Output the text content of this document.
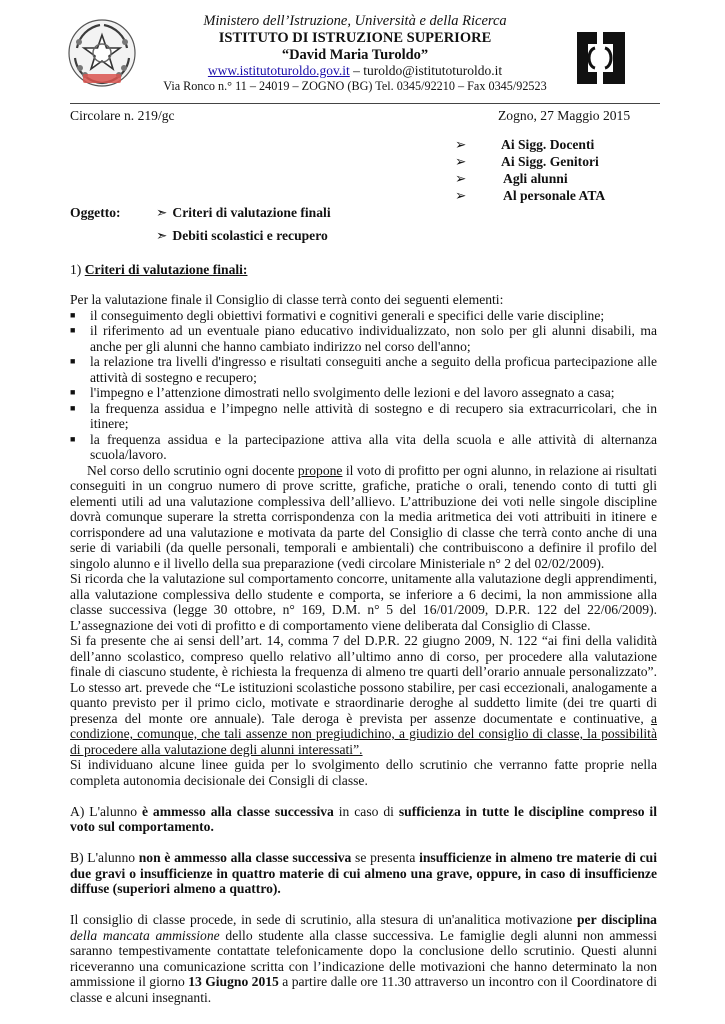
Ministero dell’Istruzione, Università e della Ricerca
ISTITUTO DI ISTRUZIONE SUPERIORE
“David Maria Turoldo”
www.istitutoturoldo.gov.it – turoldo@istitutoturoldo.it
Via Ronco n.° 11 – 24019 – ZOGNO (BG) Tel. 0345/92210 – Fax 0345/92523
Circolare n. 219/gc	Zogno, 27 Maggio 2015
➢	Ai Sigg. Docenti
➢	Ai Sigg. Genitori
➢	Agli alunni
➢	Al personale ATA
Oggetto:	➣ Criteri di valutazione finali
➣ Debiti scolastici e recupero
1) Criteri di valutazione finali:

Per la valutazione finale il Consiglio di classe terrà conto dei seguenti elementi:

■ il conseguimento degli obiettivi formativi e cognitivi generali e specifici delle varie discipline;

■ il riferimento ad un eventuale piano educativo individualizzato, non solo per gli alunni disabili, ma anche per gli alunni che hanno cambiato indirizzo nel corso dell'anno;

■ la relazione tra livelli d'ingresso e risultati conseguiti anche a seguito della proficua partecipazione alle attività di sostegno e recupero;

■ l'impegno e l’attenzione dimostrati nello svolgimento delle lezioni e del lavoro assegnato a casa;

■ la frequenza assidua e l’impegno nelle attività di sostegno e di recupero sia extracurricolari, che in itinere;

■ la frequenza assidua e la partecipazione attiva alla vita della scuola e alle attività di alternanza scuola/lavoro.

Nel corso dello scrutinio ogni docente propone il voto di profitto per ogni alunno, in relazione ai risultati conseguiti in un congruo numero di prove scritte, grafiche, pratiche o orali, tenendo conto di tutti gli elementi utili ad una valutazione complessiva dell’allievo. L’attribuzione dei voti nelle singole discipline dovrà comunque superare la stretta corrispondenza con la media aritmetica dei voti attribuiti in itinere e corrispondere ad una valutazione e motivata da parte del Consiglio di classe che terrà conto anche di una serie di variabili (da quelle personali, temporali e ambientali) che contribuiscono a definire il profilo del singolo alunno e il livello della sua preparazione (vedi circolare Ministeriale n° 2 del 02/02/2009).

Si ricorda che la valutazione sul comportamento concorre, unitamente alla valutazione degli apprendimenti, alla valutazione complessiva dello studente e comporta, se inferiore a 6 decimi, la non ammissione alla classe successiva (legge 30 ottobre, n° 169, D.M. n° 5 del 16/01/2009, D.P.R. 122 del 22/06/2009). L’assegnazione dei voti di profitto e di comportamento viene deliberata dal Consiglio di Classe.

Si fa presente che ai sensi dell’art. 14, comma 7 del D.P.R. 22 giugno 2009, N. 122 “ai fini della validità dell’anno scolastico, compreso quello relativo all’ultimo anno di corso, per procedere alla valutazione finale di ciascuno studente, è richiesta la frequenza di almeno tre quarti dell’orario annuale personalizzato”. Lo stesso art. prevede che “Le istituzioni scolastiche possono stabilire, per casi eccezionali, analogamente a quanto previsto per il primo ciclo, motivate e straordinarie deroghe al suddetto limite (dei tre quarti di presenza del monte ore annuale). Tale deroga è prevista per assenze documentate e continuative, a condizione, comunque, che tali assenze non pregiudichino, a giudizio del consiglio di classe, la possibilità di procedere alla valutazione degli alunni interessati”.

Si individuano alcune linee guida per lo svolgimento dello scrutinio che verranno fatte proprie nella completa autonomia decisionale dei Consigli di classe.

A) L'alunno è ammesso alla classe successiva in caso di sufficienza in tutte le discipline compreso il voto sul comportamento.

B) L'alunno non è ammesso alla classe successiva se presenta insufficienze in almeno tre materie di cui due gravi o insufficienze in quattro materie di cui almeno una grave, oppure, in caso di insufficienze diffuse (superiori almeno a quattro).

Il consiglio di classe procede, in sede di scrutinio, alla stesura di un'analitica motivazione per disciplina della mancata ammissione dello studente alla classe successiva. Le famiglie degli alunni non ammessi saranno tempestivamente contattate telefonicamente dopo la conclusione dello scrutinio. Questi alunni riceveranno una comunicazione scritta con l’indicazione delle motivazioni che hanno determinato la non ammissione il giorno 13 Giugno 2015 a partire dalle ore 11.30 attraverso un incontro con il Coordinatore di classe e alcuni insegnanti.
